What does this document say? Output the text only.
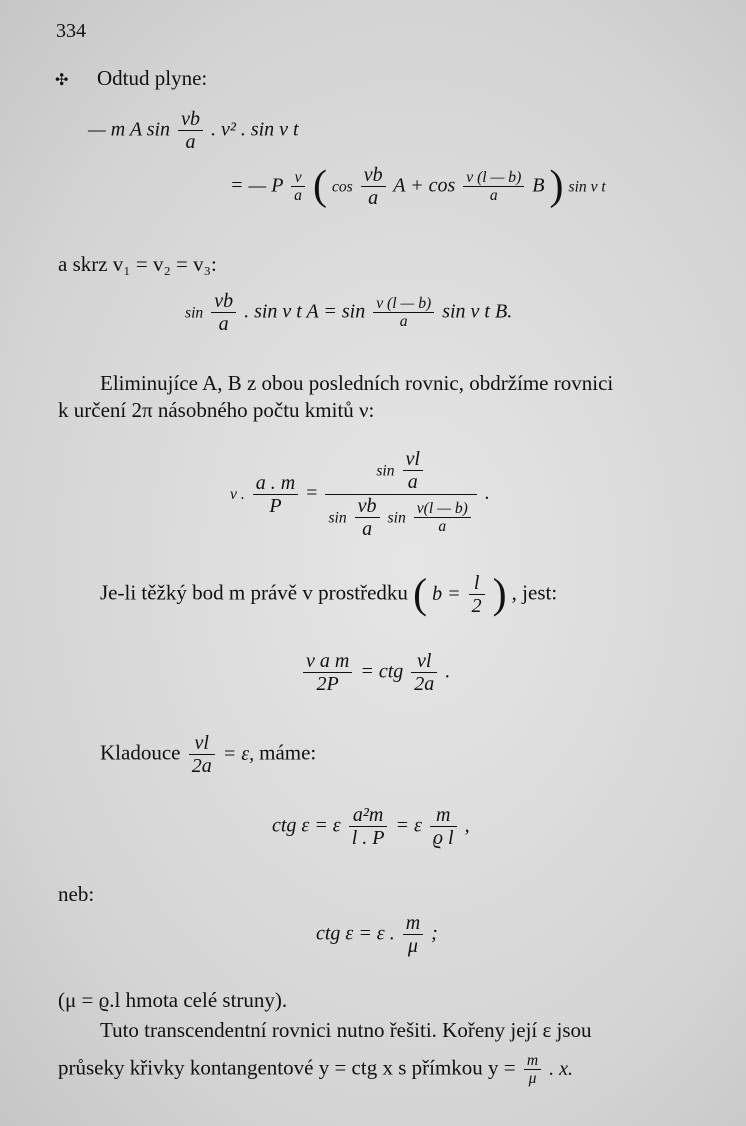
334
✣ Odtud plyne:
— m A $\sin \frac{\nu b}{a}$ . ν² . sin ν t
= — P $\frac{\nu}{a}$ ( $\cos \frac{\nu b}{a}$ $A + \cos \frac{\nu (l — b)}{a}$ B ) sin ν t
a skrz v₁ = v₂ = v₃:
$\sin \frac{\nu b}{a}$ . sin ν t $A = \sin \frac{\nu (l — b)}{a}$ sin ν t B.
Eliminujíce A, B z obou posledních rovnic, obdržíme rovnici
k určení 2π násobného počtu kmitů ν:
ν . $\frac{a . m}{P}$ =
$\sin \frac{\nu l}{a}$
$\sin \frac{\nu b}{a}$ $\sin \frac{\nu(l — b)}{a}$
.
Je-li těžký bod m právě v prostředku ( $b = \frac{l}{2}$ ) , jest:
$\frac{\text{ν a m}}{2P}$ = ctg $\frac{\nu l}{2a}$ .
Kladouce $\frac{\nu l}{2a} = \varepsilon$, máme:
ctg ε = ε $\frac{\text{a²m}}{l . P} = \varepsilon \frac{m}{\text{ϱ l}}$ ,
neb:
ctg ε = ε . $\frac{m}{\mu}$ ;
(μ = ϱ.l hmota celé struny).
Tuto transcendentní rovnici nutno řešiti. Kořeny její ε jsou
průseky křivky kontangentové y = ctg x s přímkou $y = \frac{m}{\mu}$ . x.
